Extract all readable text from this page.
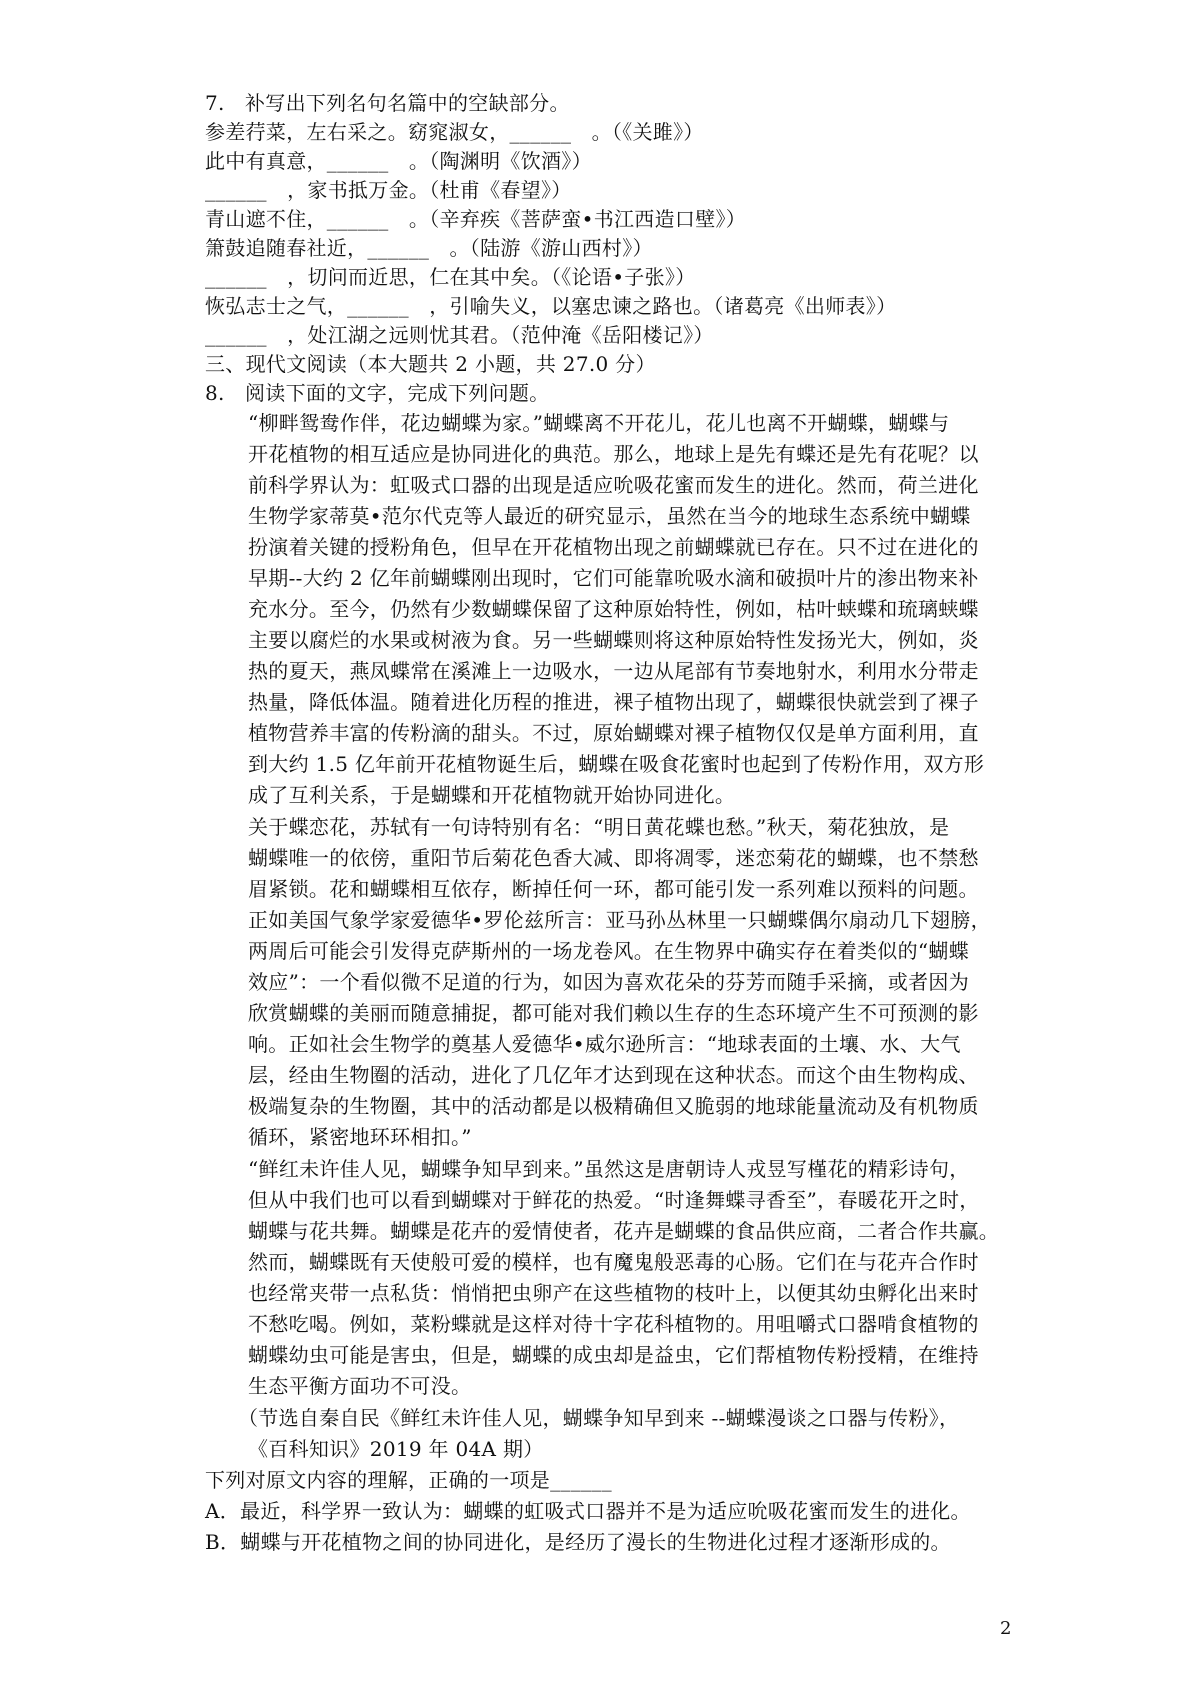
7.　补写出下列名句名篇中的空缺部分。
参差荇菜，左右采之。窈窕淑女，______　。（《关雎》）
此中有真意，______　。（陶渊明《饮酒》）
______　，家书抵万金。（杜甫《春望》）
青山遮不住，______　。（辛弃疾《菩萨蛮•书江西造口壁》）
箫鼓追随春社近，______　。（陆游《游山西村》）
______　，切问而近思，仁在其中矣。（《论语•子张》）
恢弘志士之气，______　，引喻失义，以塞忠谏之路也。（诸葛亮《出师表》）
______　，处江湖之远则忧其君。（范仲淹《岳阳楼记》）
三、现代文阅读（本大题共 2 小题，共 27.0 分）
8.　阅读下面的文字，完成下列问题。
“柳畔鸳鸯作伴，花边蝴蝶为家。”蝴蝶离不开花儿，花儿也离不开蝴蝶，蝴蝶与
开花植物的相互适应是协同进化的典范。那么，地球上是先有蝶还是先有花呢？以
前科学界认为：虹吸式口器的出现是适应吮吸花蜜而发生的进化。然而，荷兰进化
生物学家蒂莫•范尔代克等人最近的研究显示，虽然在当今的地球生态系统中蝴蝶
扮演着关键的授粉角色，但早在开花植物出现之前蝴蝶就已存在。只不过在进化的
早期--大约 2 亿年前蝴蝶刚出现时，它们可能靠吮吸水滴和破损叶片的渗出物来补
充水分。至今，仍然有少数蝴蝶保留了这种原始特性，例如，枯叶蛱蝶和琉璃蛱蝶
主要以腐烂的水果或树液为食。另一些蝴蝶则将这种原始特性发扬光大，例如，炎
热的夏天，燕凤蝶常在溪滩上一边吸水，一边从尾部有节奏地射水，利用水分带走
热量，降低体温。随着进化历程的推进，裸子植物出现了，蝴蝶很快就尝到了裸子
植物营养丰富的传粉滴的甜头。不过，原始蝴蝶对裸子植物仅仅是单方面利用，直
到大约 1.5 亿年前开花植物诞生后，蝴蝶在吸食花蜜时也起到了传粉作用，双方形
成了互利关系，于是蝴蝶和开花植物就开始协同进化。
关于蝶恋花，苏轼有一句诗特别有名：“明日黄花蝶也愁。”秋天，菊花独放，是
蝴蝶唯一的依傍，重阳节后菊花色香大减、即将凋零，迷恋菊花的蝴蝶，也不禁愁
眉紧锁。花和蝴蝶相互依存，断掉任何一环，都可能引发一系列难以预料的问题。
正如美国气象学家爱德华•罗伦兹所言：亚马孙丛林里一只蝴蝶偶尔扇动几下翅膀，
两周后可能会引发得克萨斯州的一场龙卷风。在生物界中确实存在着类似的“蝴蝶
效应”：一个看似微不足道的行为，如因为喜欢花朵的芬芳而随手采摘，或者因为
欣赏蝴蝶的美丽而随意捕捉，都可能对我们赖以生存的生态环境产生不可预测的影
响。正如社会生物学的奠基人爱德华•威尔逊所言：“地球表面的土壤、水、大气
层，经由生物圈的活动，进化了几亿年才达到现在这种状态。而这个由生物构成、
极端复杂的生物圈，其中的活动都是以极精确但又脆弱的地球能量流动及有机物质
循环，紧密地环环相扣。”
“鲜红未许佳人见，蝴蝶争知早到来。”虽然这是唐朝诗人戎昱写槿花的精彩诗句，
但从中我们也可以看到蝴蝶对于鲜花的热爱。“时逢舞蝶寻香至”，春暖花开之时，
蝴蝶与花共舞。蝴蝶是花卉的爱情使者，花卉是蝴蝶的食品供应商，二者合作共赢。
然而，蝴蝶既有天使般可爱的模样，也有魔鬼般恶毒的心肠。它们在与花卉合作时
也经常夹带一点私货：悄悄把虫卵产在这些植物的枝叶上，以便其幼虫孵化出来时
不愁吃喝。例如，菜粉蝶就是这样对待十字花科植物的。用咀嚼式口器啃食植物的
蝴蝶幼虫可能是害虫，但是，蝴蝶的成虫却是益虫，它们帮植物传粉授精，在维持
生态平衡方面功不可没。
（节选自秦自民《鲜红未许佳人见，蝴蝶争知早到来 --蝴蝶漫谈之口器与传粉》，
《百科知识》2019 年 04A 期）
下列对原文内容的理解，正确的一项是______
A．最近，科学界一致认为：蝴蝶的虹吸式口器并不是为适应吮吸花蜜而发生的进化。
B．蝴蝶与开花植物之间的协同进化，是经历了漫长的生物进化过程才逐渐形成的。
2
